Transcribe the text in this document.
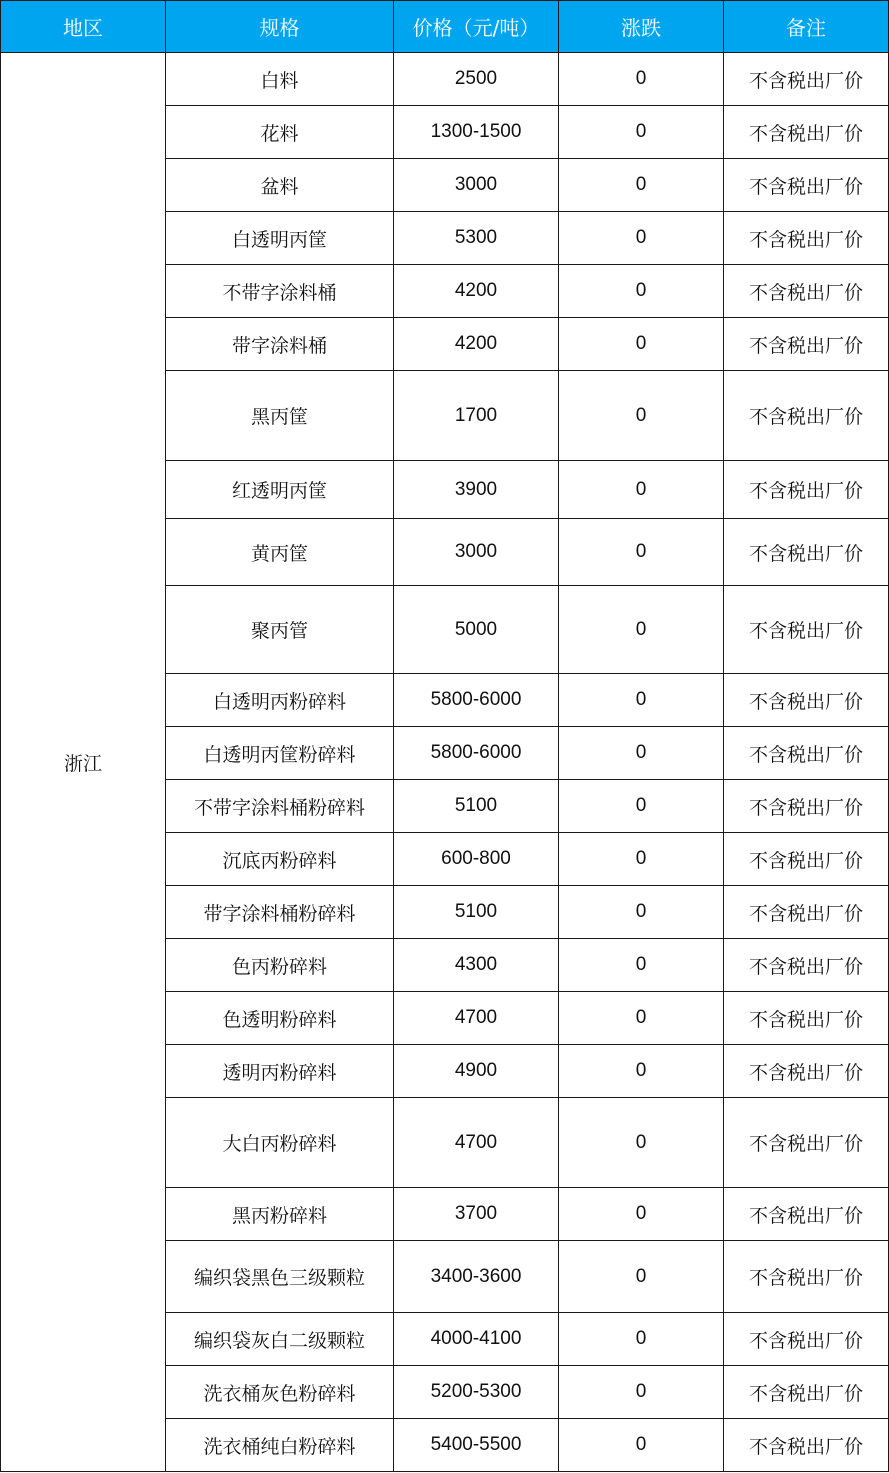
地区	规格	价格（元/吨）	涨跌	备注
浙江	白料	2500	0	不含税出厂价
	花料	1300-1500	0	不含税出厂价
	盆料	3000	0	不含税出厂价
	白透明丙筐	5300	0	不含税出厂价
	不带字涂料桶	4200	0	不含税出厂价
	带字涂料桶	4200	0	不含税出厂价
	黑丙筐	1700	0	不含税出厂价
	红透明丙筐	3900	0	不含税出厂价
	黄丙筐	3000	0	不含税出厂价
	聚丙管	5000	0	不含税出厂价
	白透明丙粉碎料	5800-6000	0	不含税出厂价
	白透明丙筐粉碎料	5800-6000	0	不含税出厂价
	不带字涂料桶粉碎料	5100	0	不含税出厂价
	沉底丙粉碎料	600-800	0	不含税出厂价
	带字涂料桶粉碎料	5100	0	不含税出厂价
	色丙粉碎料	4300	0	不含税出厂价
	色透明粉碎料	4700	0	不含税出厂价
	透明丙粉碎料	4900	0	不含税出厂价
	大白丙粉碎料	4700	0	不含税出厂价
	黑丙粉碎料	3700	0	不含税出厂价
	编织袋黑色三级颗粒	3400-3600	0	不含税出厂价
	编织袋灰白二级颗粒	4000-4100	0	不含税出厂价
	洗衣桶灰色粉碎料	5200-5300	0	不含税出厂价
	洗衣桶纯白粉碎料	5400-5500	0	不含税出厂价
